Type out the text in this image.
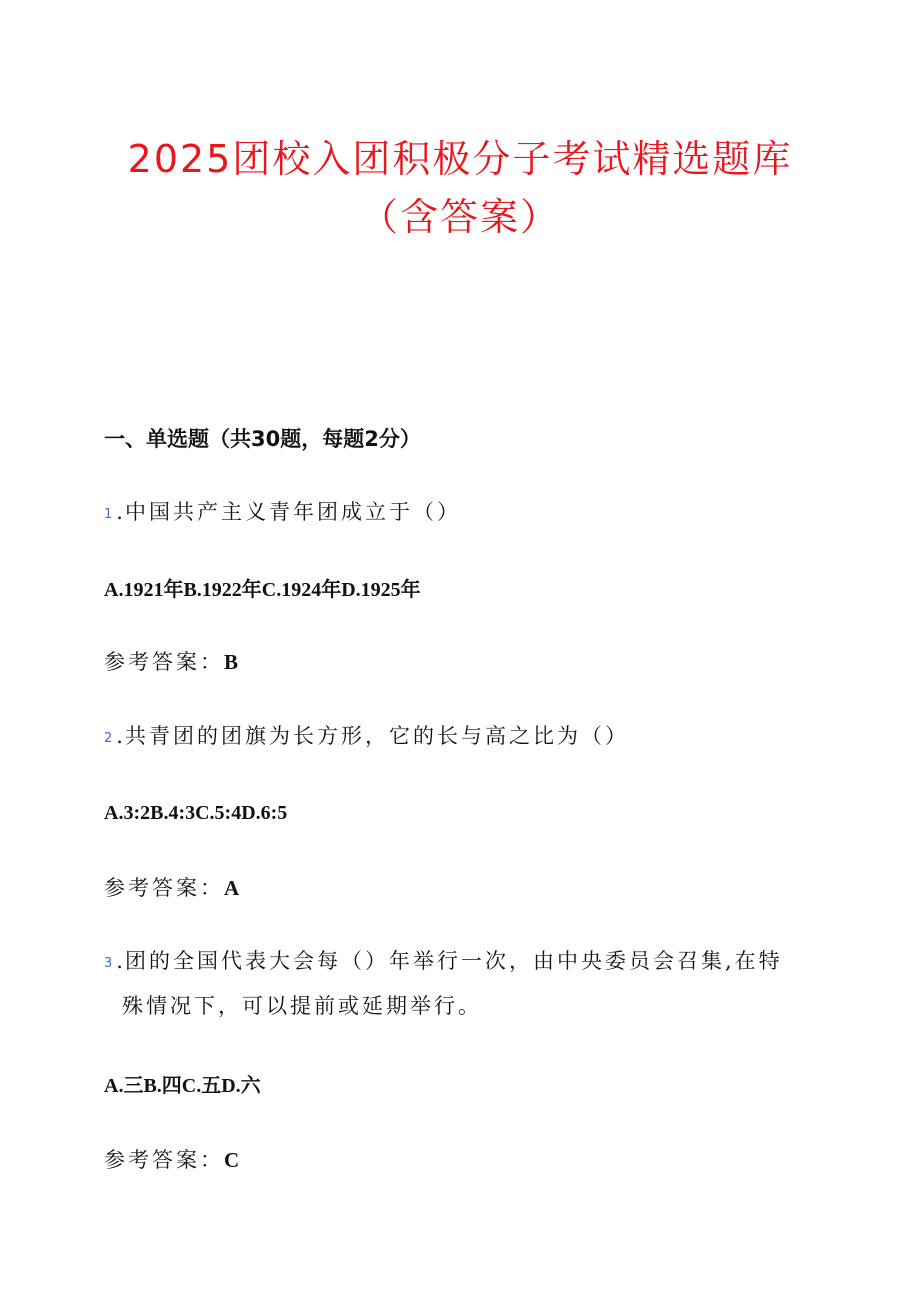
2025团校入团积极分子考试精选题库
（含答案）
一、单选题（共30题，每题2分）
1 .中国共产主义青年团成立于（）
A.1921年B.1922年C.1924年D.1925年
参考答案：B
2 .共青团的团旗为长方形，它的长与高之比为（）
A.3:2B.4:3C.5:4D.6:5
参考答案：A
3 .团的全国代表大会每（）年举行一次，由中央委员会召集,在特
殊情况下，可以提前或延期举行。
A.三B.四C.五D.六
参考答案：C
